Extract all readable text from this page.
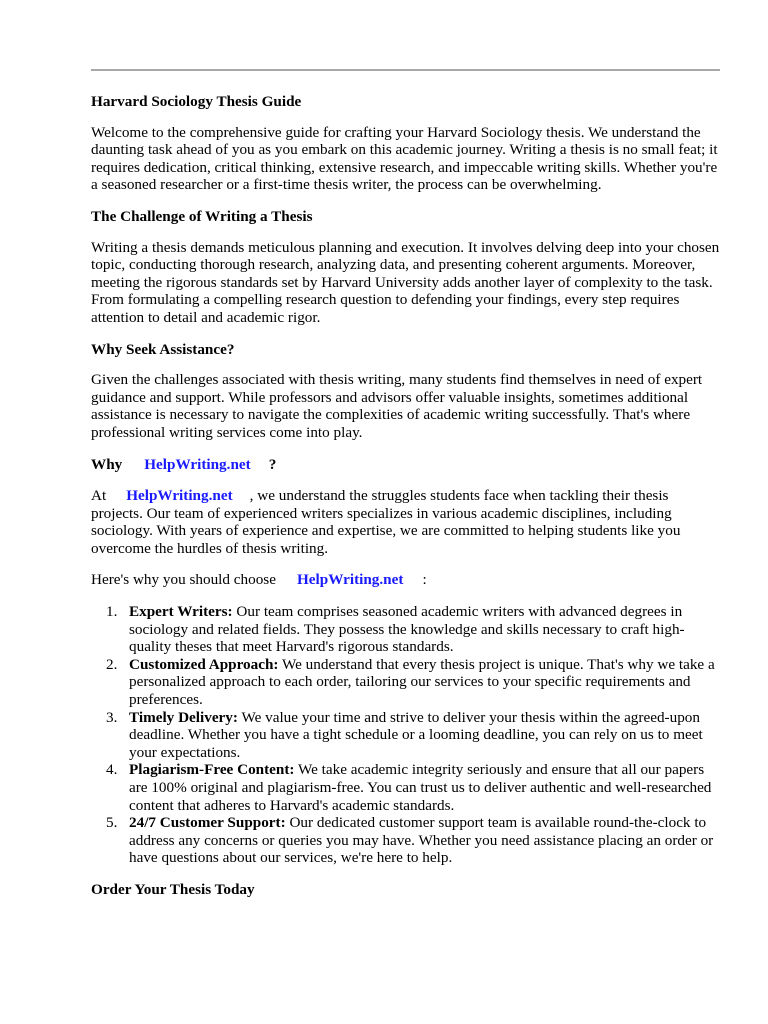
Harvard Sociology Thesis Guide

Welcome to the comprehensive guide for crafting your Harvard Sociology thesis. We understand the daunting task ahead of you as you embark on this academic journey. Writing a thesis is no small feat; it requires dedication, critical thinking, extensive research, and impeccable writing skills. Whether you're a seasoned researcher or a first-time thesis writer, the process can be overwhelming.

The Challenge of Writing a Thesis

Writing a thesis demands meticulous planning and execution. It involves delving deep into your chosen topic, conducting thorough research, analyzing data, and presenting coherent arguments. Moreover, meeting the rigorous standards set by Harvard University adds another layer of complexity to the task. From formulating a compelling research question to defending your findings, every step requires attention to detail and academic rigor.

Why Seek Assistance?

Given the challenges associated with thesis writing, many students find themselves in need of expert guidance and support. While professors and advisors offer valuable insights, sometimes additional assistance is necessary to navigate the complexities of academic writing successfully. That's where professional writing services come into play.

Why HelpWriting.net ?

At HelpWriting.net , we understand the struggles students face when tackling their thesis projects. Our team of experienced writers specializes in various academic disciplines, including sociology. With years of experience and expertise, we are committed to helping students like you overcome the hurdles of thesis writing.

Here's why you should choose HelpWriting.net :

1. Expert Writers: Our team comprises seasoned academic writers with advanced degrees in sociology and related fields. They possess the knowledge and skills necessary to craft high-quality theses that meet Harvard's rigorous standards.
2. Customized Approach: We understand that every thesis project is unique. That's why we take a personalized approach to each order, tailoring our services to your specific requirements and preferences.
3. Timely Delivery: We value your time and strive to deliver your thesis within the agreed-upon deadline. Whether you have a tight schedule or a looming deadline, you can rely on us to meet your expectations.
4. Plagiarism-Free Content: We take academic integrity seriously and ensure that all our papers are 100% original and plagiarism-free. You can trust us to deliver authentic and well-researched content that adheres to Harvard's academic standards.
5. 24/7 Customer Support: Our dedicated customer support team is available round-the-clock to address any concerns or queries you may have. Whether you need assistance placing an order or have questions about our services, we're here to help.
Order Your Thesis Today
